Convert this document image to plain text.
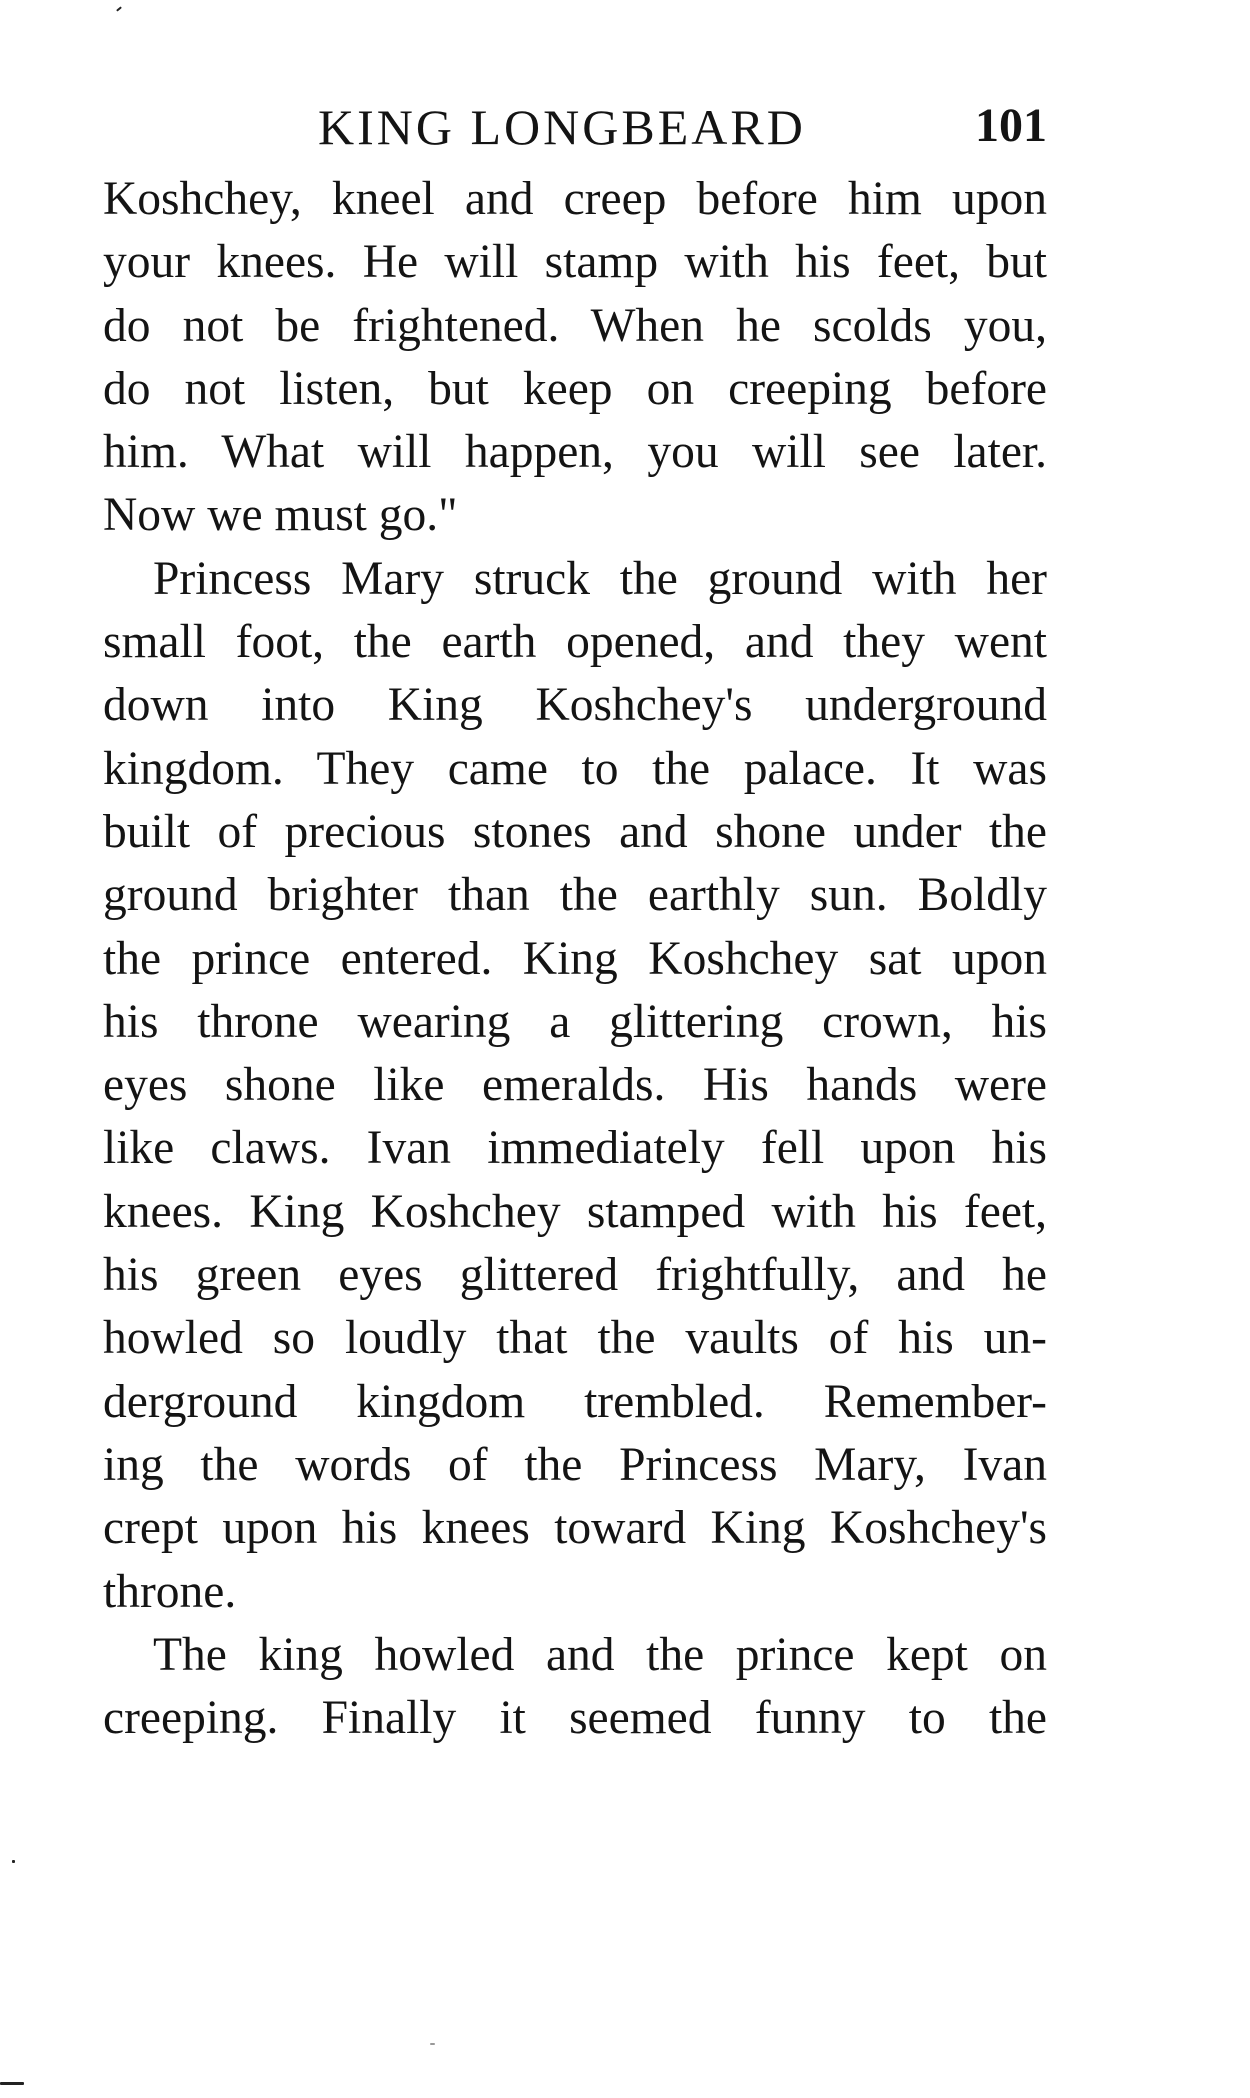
KING LONGBEARD	101

Koshchey, kneel and creep before him upon
your knees. He will stamp with his feet, but
do not be frightened. When he scolds you,
do not listen, but keep on creeping before
him. What will happen, you will see later.
Now we must go."

Princess Mary struck the ground with her
small foot, the earth opened, and they went
down into King Koshchey's underground
kingdom. They came to the palace. It was
built of precious stones and shone under the
ground brighter than the earthly sun. Boldly
the prince entered. King Koshchey sat upon
his throne wearing a glittering crown, his
eyes shone like emeralds. His hands were
like claws. Ivan immediately fell upon his
knees. King Koshchey stamped with his feet,
his green eyes glittered frightfully, and he
howled so loudly that the vaults of his un-
derground kingdom trembled. Remember-
ing the words of the Princess Mary, Ivan
crept upon his knees toward King Koshchey's
throne.

The king howled and the prince kept on
creeping. Finally it seemed funny to the
